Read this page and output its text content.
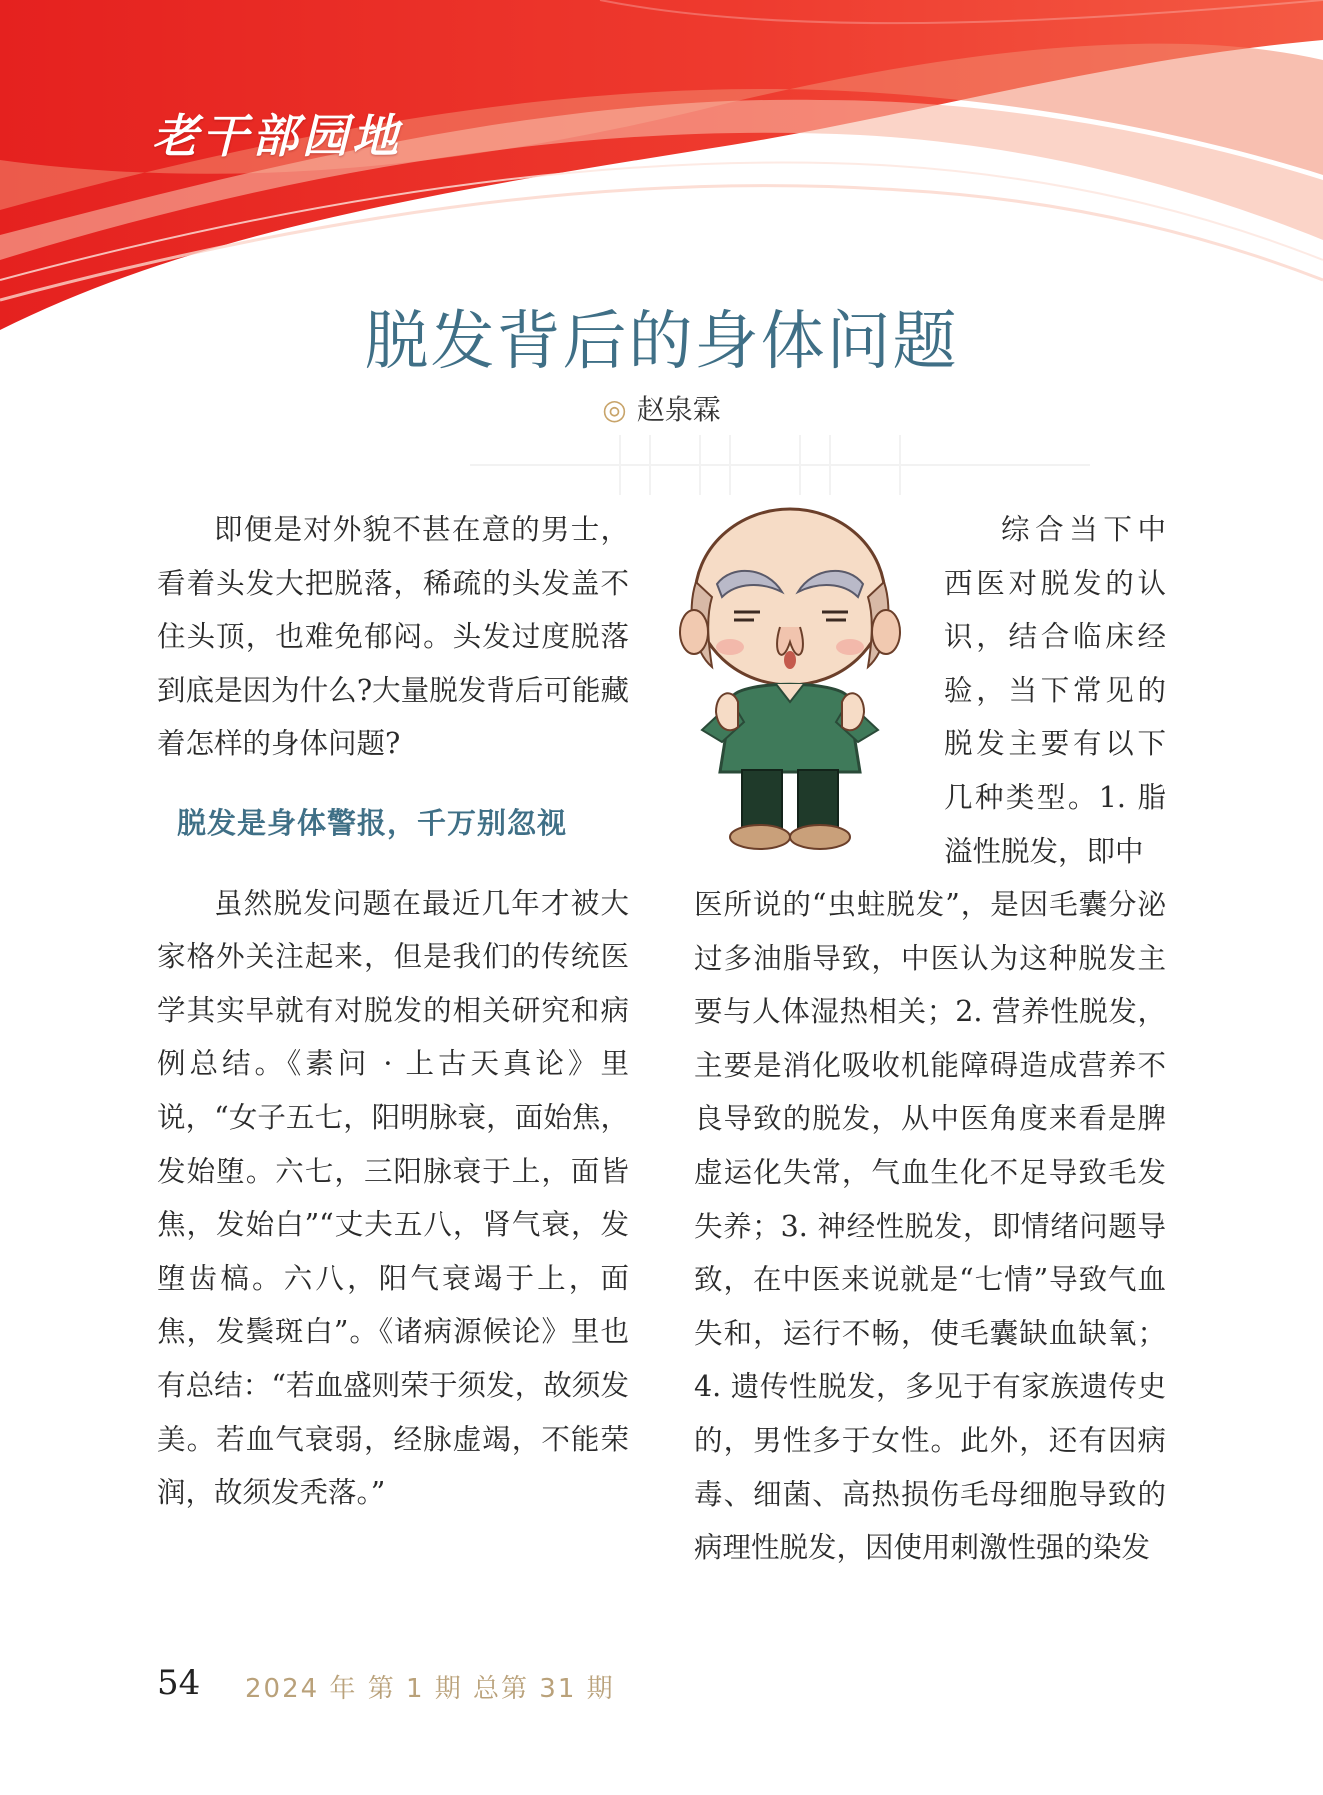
老干部园地
脱发背后的身体问题
◎ 赵泉霖

即便是对外貌不甚在意的男士，看着头发大把脱落，稀疏的头发盖不住头顶，也难免郁闷。头发过度脱落到底是因为什么?大量脱发背后可能藏着怎样的身体问题?

脱发是身体警报，千万别忽视

虽然脱发问题在最近几年才被大家格外关注起来，但是我们的传统医学其实早就有对脱发的相关研究和病例总结。《素问 · 上古天真论》里说，“女子五七，阳明脉衰，面始焦，发始堕。六七，三阳脉衰于上，面皆焦，发始白”“丈夫五八，肾气衰，发堕齿槁。六八，阳气衰竭于上，面焦，发鬓斑白”。《诸病源候论》里也有总结：“若血盛则荣于须发，故须发美。若血气衰弱，经脉虚竭，不能荣润，故须发秃落。”

综合当下中西医对脱发的认识，结合临床经验，当下常见的脱发主要有以下几种类型。1. 脂溢性脱发，即中

医所说的“虫蛀脱发”，是因毛囊分泌过多油脂导致，中医认为这种脱发主要与人体湿热相关；2. 营养性脱发，主要是消化吸收机能障碍造成营养不良导致的脱发，从中医角度来看是脾虚运化失常，气血生化不足导致毛发失养；3. 神经性脱发，即情绪问题导致，在中医来说就是“七情”导致气血失和，运行不畅，使毛囊缺血缺氧；4. 遗传性脱发，多见于有家族遗传史的，男性多于女性。此外，还有因病毒、细菌、高热损伤毛母细胞导致的病理性脱发，因使用刺激性强的染发

54 2024 年 第 1 期 总第 31 期
